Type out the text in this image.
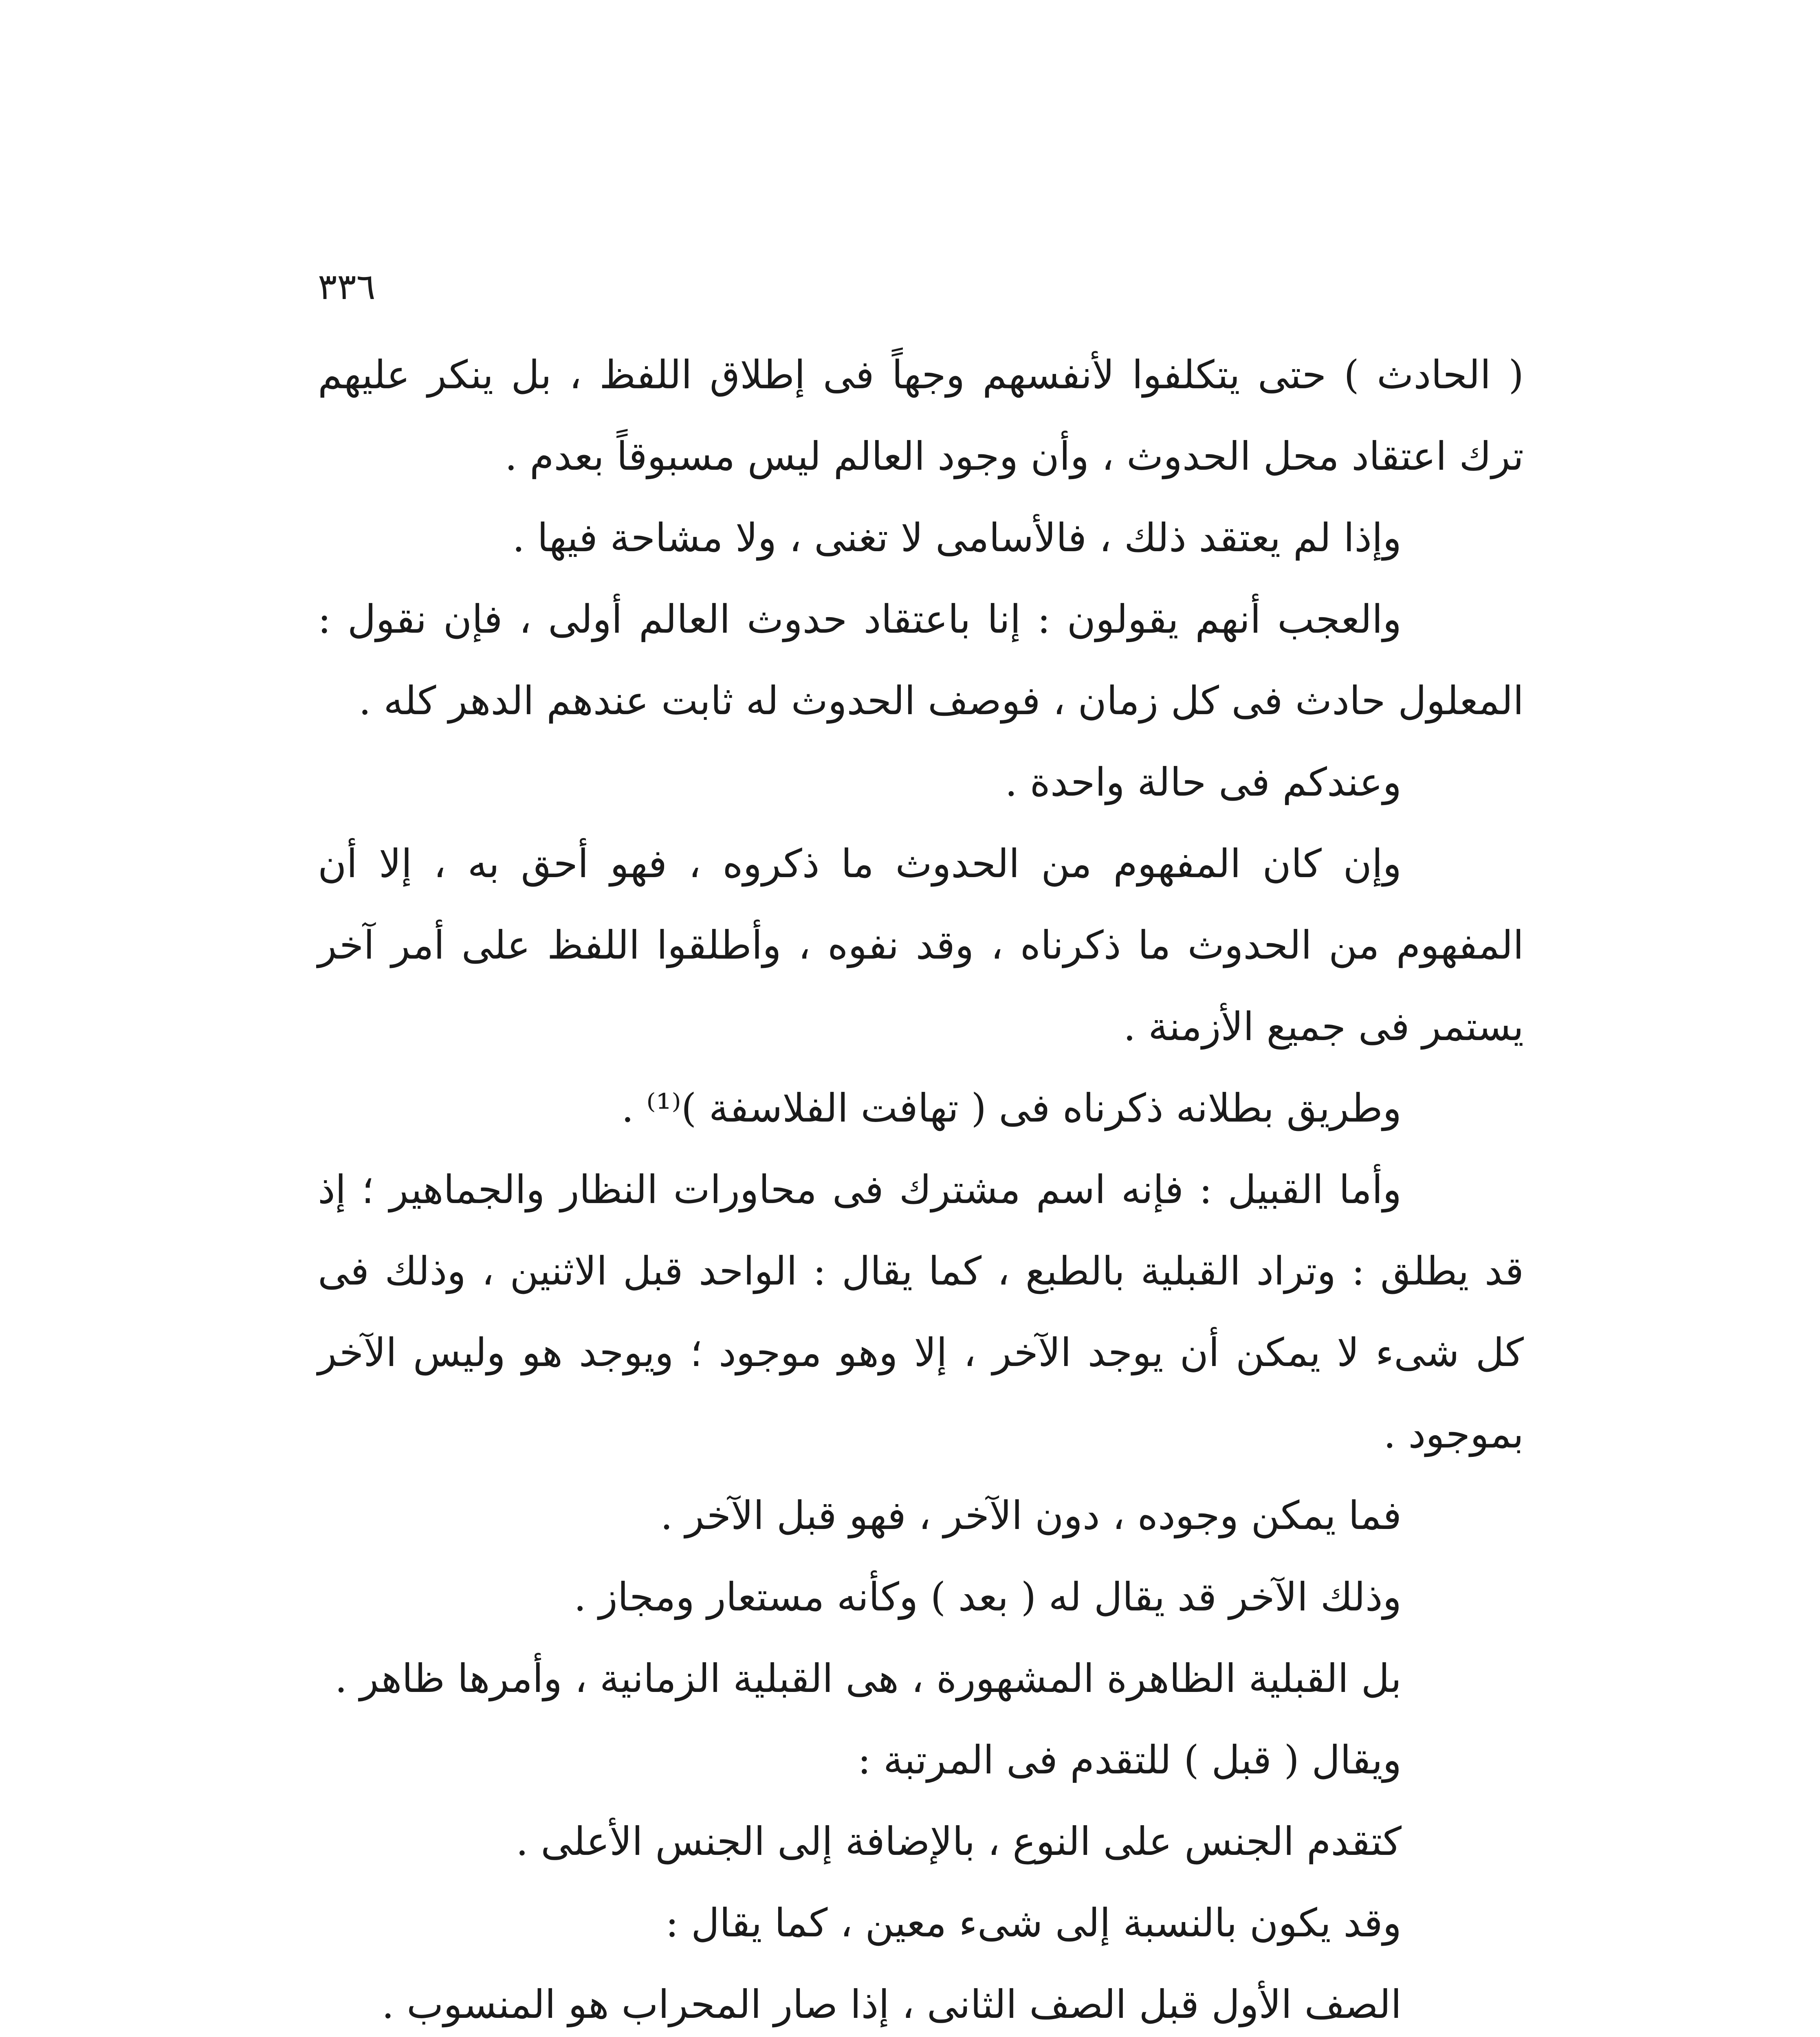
٣٣٦

( الحادث ) حتى يتكلفوا لأنفسهم وجهاً فى إطلاق اللفظ ، بل ينكر عليهم ترك اعتقاد محل الحدوث ، وأن وجود العالم ليس مسبوقاً بعدم .

وإذا لم يعتقد ذلك ، فالأسامى لا تغنى ، ولا مشاحة فيها .

والعجب أنهم يقولون : إنا باعتقاد حدوث العالم أولى ، فإن نقول : المعلول حادث فى كل زمان ، فوصف الحدوث له ثابت عندهم الدهر كله .

وعندكم فى حالة واحدة .

وإن كان المفهوم من الحدوث ما ذكروه ، فهو أحق به ، إلا أن المفهوم من الحدوث ما ذكرناه ، وقد نفوه ، وأطلقوا اللفظ على أمر آخر يستمر فى جميع الأزمنة .

وطريق بطلانه ذكرناه فى ( تهافت الفلاسفة )⁽¹⁾ .

وأما القبيل : فإنه اسم مشترك فى محاورات النظار والجماهير ؛ إذ قد يطلق : وتراد القبلية بالطبع ، كما يقال : الواحد قبل الاثنين ، وذلك فى كل شىء لا يمكن أن يوجد الآخر ، إلا وهو موجود ؛ ويوجد هو وليس الآخر بموجود .

فما يمكن وجوده ، دون الآخر ، فهو قبل الآخر .

وذلك الآخر قد يقال له ( بعد ) وكأنه مستعار ومجاز .

بل القبلية الظاهرة المشهورة ، هى القبلية الزمانية ، وأمرها ظاهر .

ويقال ( قبل ) للتقدم فى المرتبة :

كتقدم الجنس على النوع ، بالإضافة إلى الجنس الأعلى .

وقد يكون بالنسبة إلى شىء معين ، كما يقال :

الصف الأول قبل الصف الثانى ، إذا صار المحراب هو المنسوب .
